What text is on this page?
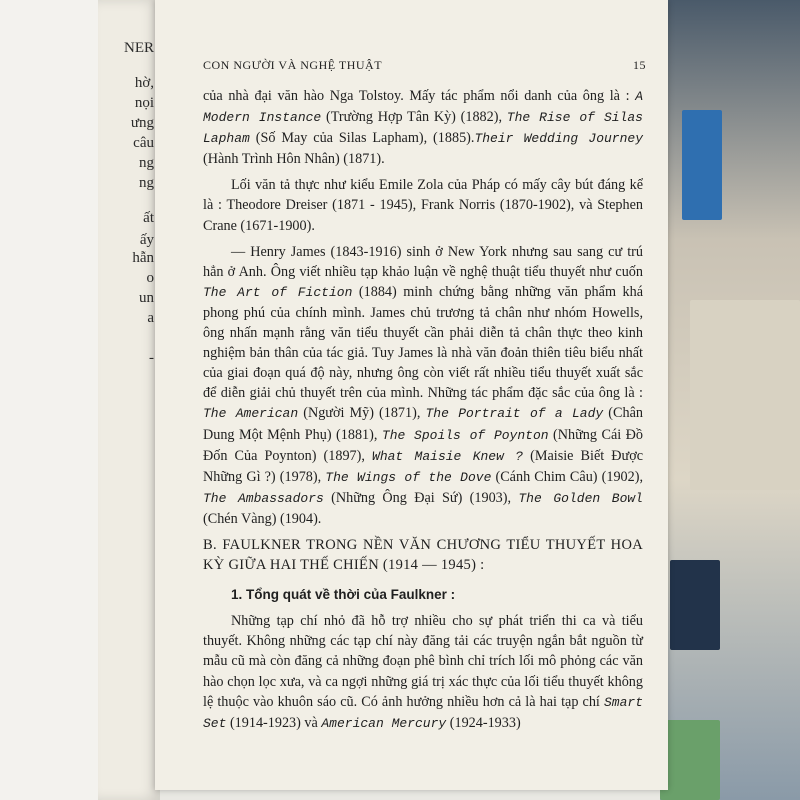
NER
hờ,
nọi
ưng
câu
ng
ng
ất
ấy
hẫn
o
un
a
-
CON NGƯỜI VÀ NGHỆ THUẬT	15

của nhà đại văn hào Nga Tolstoy. Mấy tác phẩm nổi danh của ông là : A Modern Instance (Trường Hợp Tân Kỳ) (1882), The Rise of Silas Lapham (Số May của Silas Lapham), (1885).Their Wedding Journey (Hành Trình Hôn Nhân) (1871).

Lối văn tả thực như kiểu Emile Zola của Pháp có mấy cây bút đáng kể là : Theodore Dreiser (1871 - 1945), Frank Norris (1870-1902), và Stephen Crane (1671-1900).

— Henry James (1843-1916) sinh ở New York nhưng sau sang cư trú hẳn ở Anh. Ông viết nhiều tạp khảo luận về nghệ thuật tiểu thuyết như cuốn The Art of Fiction (1884) minh chứng bằng những văn phẩm khá phong phú của chính mình. James chủ trương tả chân như nhóm Howells, ông nhấn mạnh rằng văn tiểu thuyết cần phải diễn tả chân thực theo kinh nghiệm bản thân của tác giả. Tuy James là nhà văn đoản thiên tiêu biểu nhất của giai đoạn quá độ này, nhưng ông còn viết rất nhiều tiểu thuyết xuất sắc để diễn giải chủ thuyết trên của mình. Những tác phẩm đặc sắc của ông là : The American (Người Mỹ) (1871), The Portrait of a Lady (Chân Dung Một Mệnh Phụ) (1881), The Spoils of Poynton (Những Cái Đồ Đốn Của Poynton) (1897), What Maisie Knew ? (Maisie Biết Được Những Gì ?) (1978), The Wings of the Dove (Cánh Chim Câu) (1902), The Ambassadors (Những Ông Đại Sứ) (1903), The Golden Bowl (Chén Vàng) (1904).

B. FAULKNER TRONG NỀN VĂN CHƯƠNG TIỂU THUYẾT HOA KỲ GIỮA HAI THẾ CHIẾN (1914 — 1945) :

1. Tổng quát về thời của Faulkner :

Những tạp chí nhỏ đã hỗ trợ nhiều cho sự phát triển thi ca và tiểu thuyết. Không những các tạp chí này đăng tải các truyện ngắn bắt nguồn từ mẫu cũ mà còn đăng cả những đoạn phê bình chỉ trích lối mô phỏng các văn hào chọn lọc xưa, và ca ngợi những giá trị xác thực của lối tiểu thuyết không lệ thuộc vào khuôn sáo cũ. Có ảnh hưởng nhiều hơn cả là hai tạp chí Smart Set (1914-1923) và American Mercury (1924-1933)
